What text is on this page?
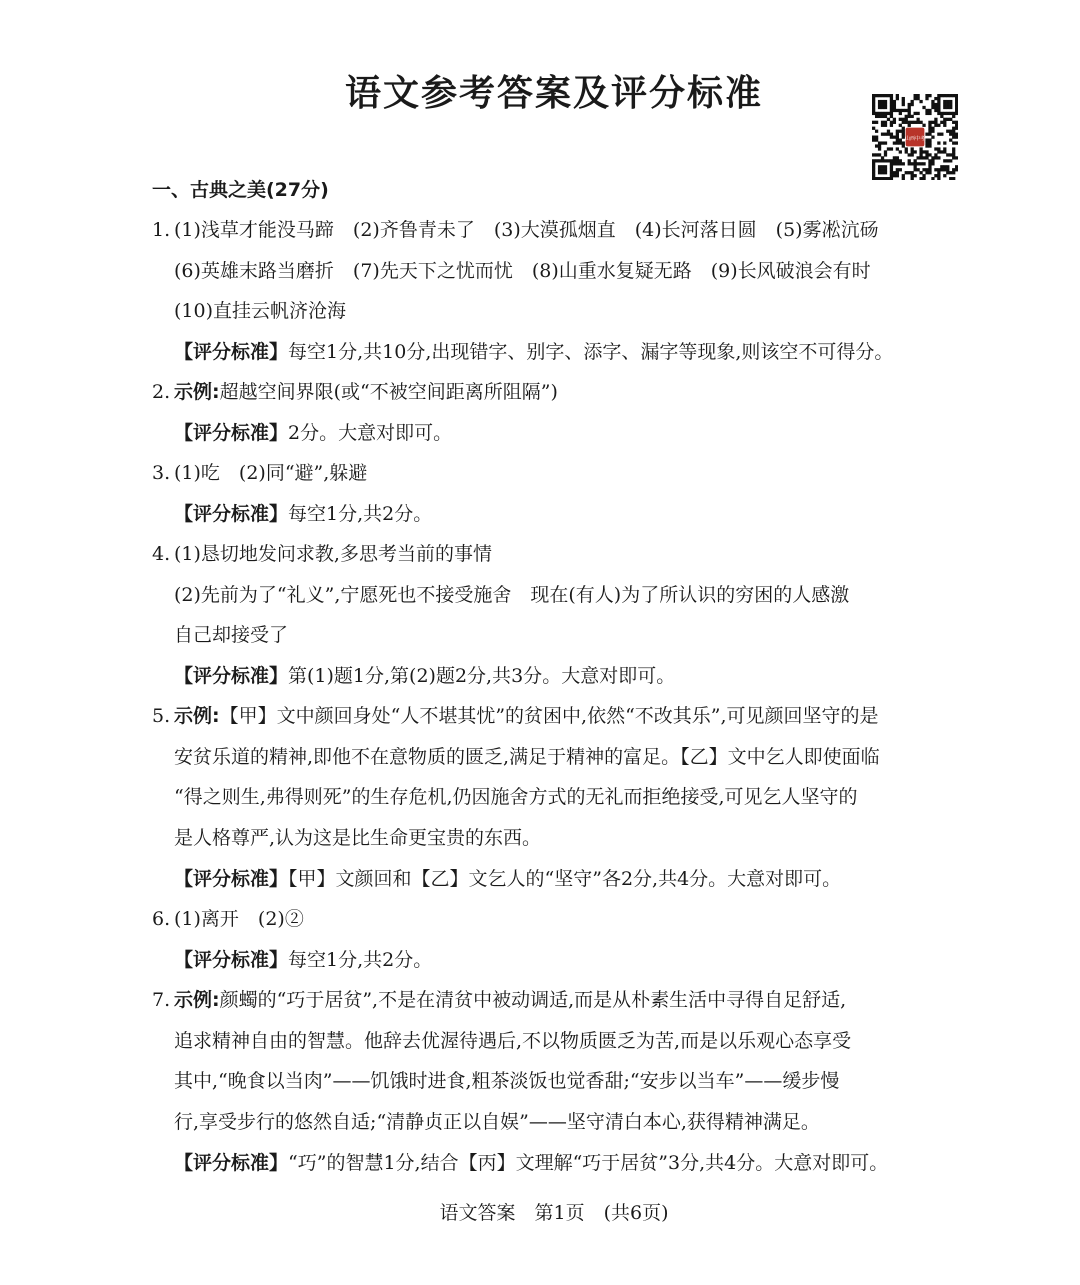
语文参考答案及评分标准
山西中考
一、古典之美(27分)
1. (1)浅草才能没马蹄　(2)齐鲁青未了　(3)大漠孤烟直　(4)长河落日圆　(5)雾凇沆砀
(6)英雄末路当磨折　(7)先天下之忧而忧　(8)山重水复疑无路　(9)长风破浪会有时
(10)直挂云帆济沧海
【评分标准】每空1分,共10分,出现错字、别字、添字、漏字等现象,则该空不可得分。
2. 示例:超越空间界限(或“不被空间距离所阻隔”)
【评分标准】2分。大意对即可。
3. (1)吃　(2)同“避”,躲避
【评分标准】每空1分,共2分。
4. (1)恳切地发问求教,多思考当前的事情
(2)先前为了“礼义”,宁愿死也不接受施舍　现在(有人)为了所认识的穷困的人感激
自己却接受了
【评分标准】第(1)题1分,第(2)题2分,共3分。大意对即可。
5. 示例:【甲】文中颜回身处“人不堪其忧”的贫困中,依然“不改其乐”,可见颜回坚守的是
安贫乐道的精神,即他不在意物质的匮乏,满足于精神的富足。【乙】文中乞人即使面临
“得之则生,弗得则死”的生存危机,仍因施舍方式的无礼而拒绝接受,可见乞人坚守的
是人格尊严,认为这是比生命更宝贵的东西。
【评分标准】【甲】文颜回和【乙】文乞人的“坚守”各2分,共4分。大意对即可。
6. (1)离开　(2)②
【评分标准】每空1分,共2分。
7. 示例:颜蠋的“巧于居贫”,不是在清贫中被动调适,而是从朴素生活中寻得自足舒适,
追求精神自由的智慧。他辞去优渥待遇后,不以物质匮乏为苦,而是以乐观心态享受
其中,“晚食以当肉”——饥饿时进食,粗茶淡饭也觉香甜;“安步以当车”——缓步慢
行,享受步行的悠然自适;“清静贞正以自娱”——坚守清白本心,获得精神满足。
【评分标准】“巧”的智慧1分,结合【丙】文理解“巧于居贫”3分,共4分。大意对即可。
语文答案　第1页　(共6页)
